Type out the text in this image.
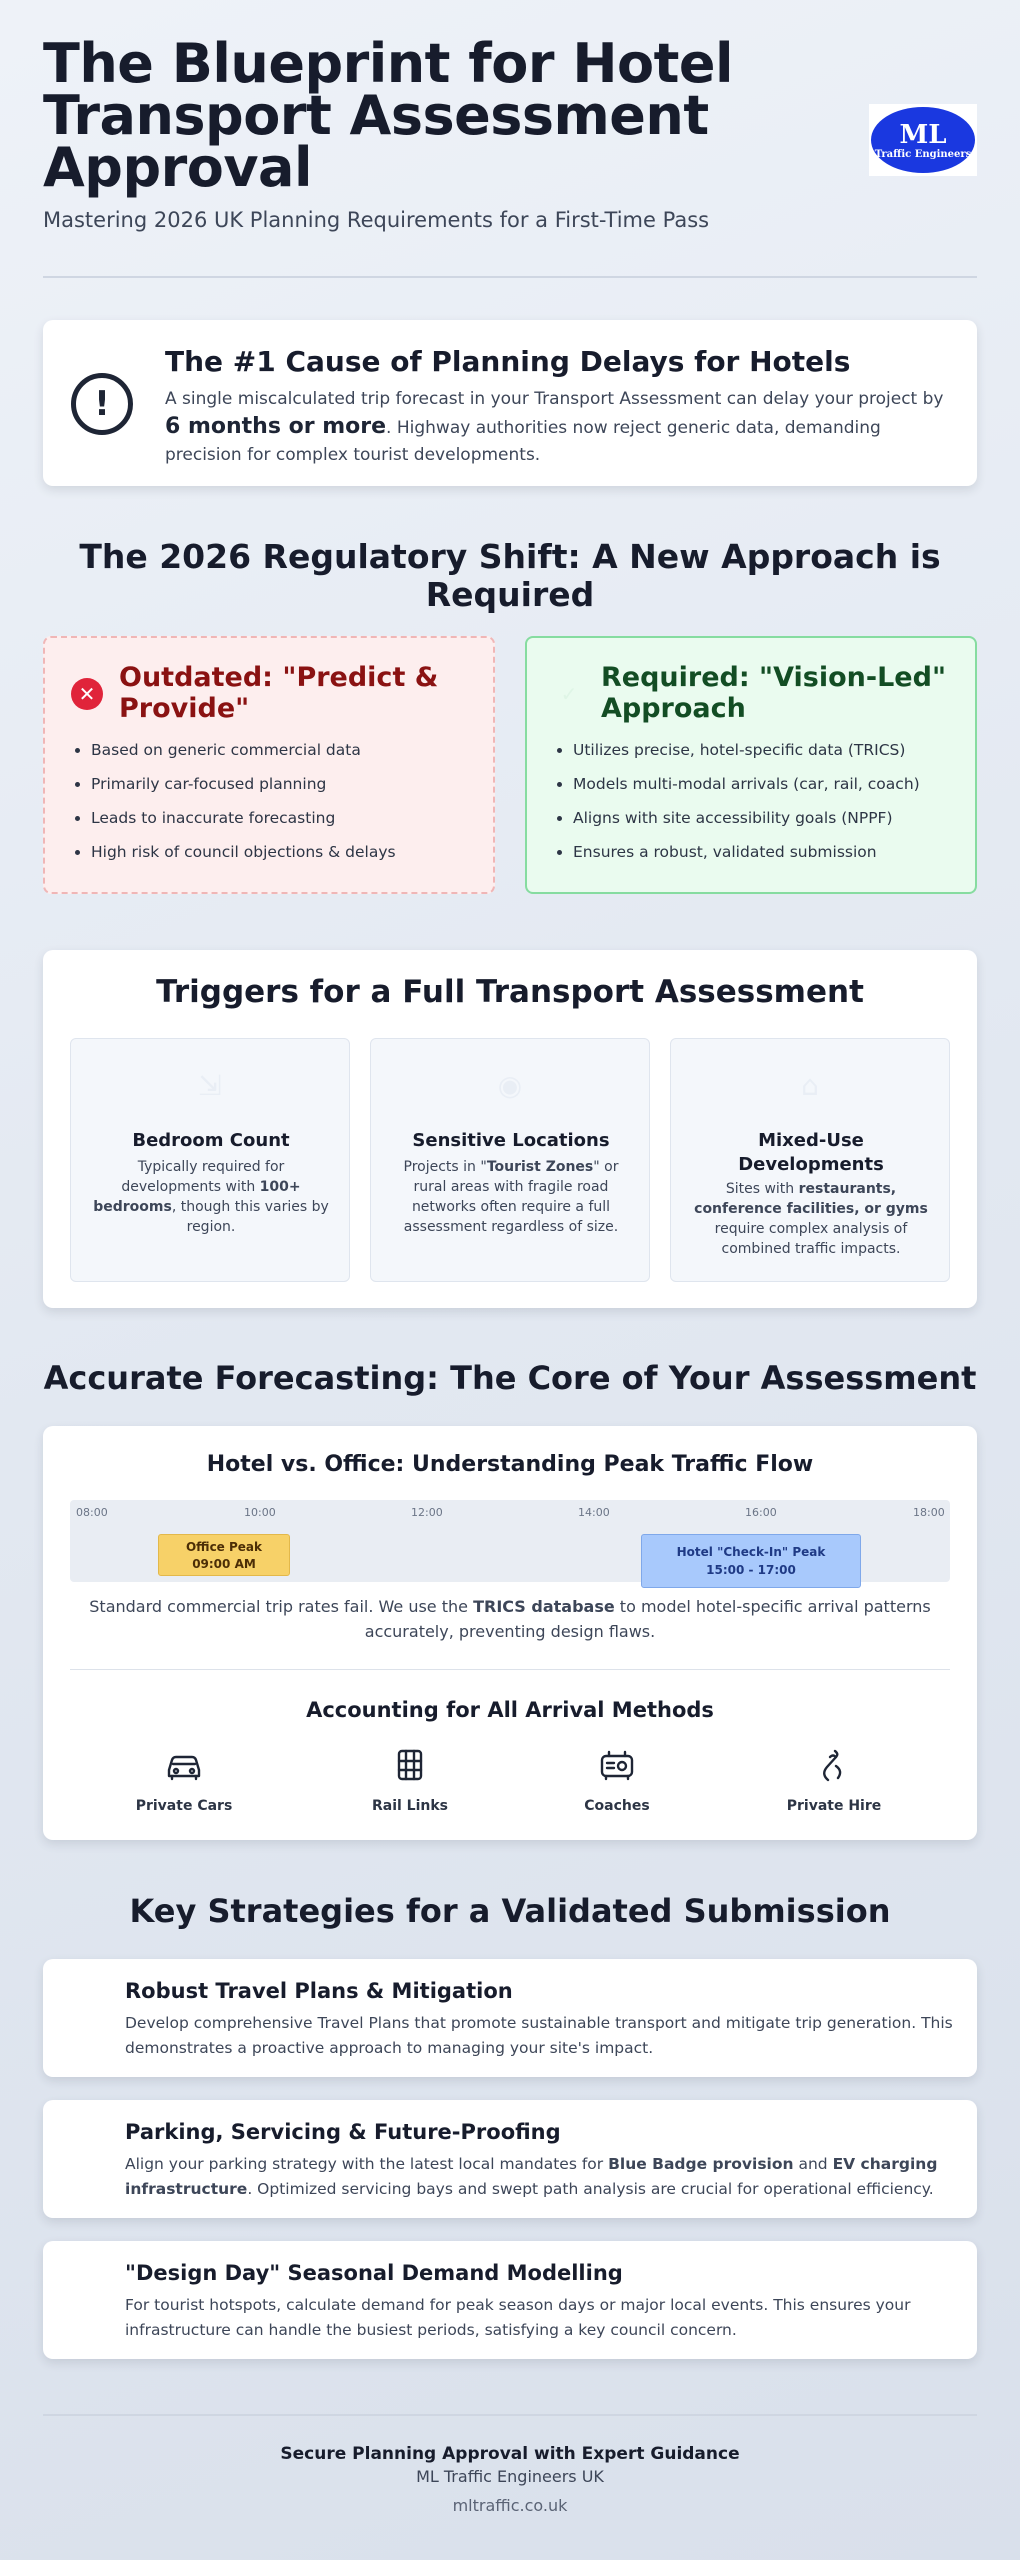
The Blueprint for Hotel Transport Assessment Approval
Mastering 2026 UK Planning Requirements for a First-Time Pass
ML
Traffic Engineers
!
The #1 Cause of Planning Delays for Hotels
A single miscalculated trip forecast in your Transport Assessment can delay your project by 6 months or more. Highway authorities now reject generic data, demanding precision for complex tourist developments.
The 2026 Regulatory Shift: A New Approach is Required
✕
Outdated: "Predict & Provide"
• Based on generic commercial data
• Primarily car-focused planning
• Leads to inaccurate forecasting
• High risk of council objections & delays
✓
Required: "Vision-Led" Approach
• Utilizes precise, hotel-specific data (TRICS)
• Models multi-modal arrivals (car, rail, coach)
• Aligns with site accessibility goals (NPPF)
• Ensures a robust, validated submission
Triggers for a Full Transport Assessment
⇲
Bedroom Count
Typically required for developments with 100+ bedrooms, though this varies by region.
◉
Sensitive Locations
Projects in "Tourist Zones" or rural areas with fragile road networks often require a full assessment regardless of size.
⌂
Mixed-Use Developments
Sites with restaurants, conference facilities, or gyms require complex analysis of combined traffic impacts.
Accurate Forecasting: The Core of Your Assessment
Hotel vs. Office: Understanding Peak Traffic Flow
08:00	10:00	12:00	14:00	16:00	18:00
Office Peak
09:00 AM
Hotel "Check-In" Peak
15:00 - 17:00
Standard commercial trip rates fail. We use the TRICS database to model hotel-specific arrival patterns accurately, preventing design flaws.
Accounting for All Arrival Methods
Private Cars	Rail Links	Coaches	Private Hire
Key Strategies for a Validated Submission
Robust Travel Plans & Mitigation
Develop comprehensive Travel Plans that promote sustainable transport and mitigate trip generation. This demonstrates a proactive approach to managing your site's impact.
Parking, Servicing & Future-Proofing
Align your parking strategy with the latest local mandates for Blue Badge provision and EV charging infrastructure. Optimized servicing bays and swept path analysis are crucial for operational efficiency.
"Design Day" Seasonal Demand Modelling
For tourist hotspots, calculate demand for peak season days or major local events. This ensures your infrastructure can handle the busiest periods, satisfying a key council concern.
Secure Planning Approval with Expert Guidance
ML Traffic Engineers UK
mltraffic.co.uk
